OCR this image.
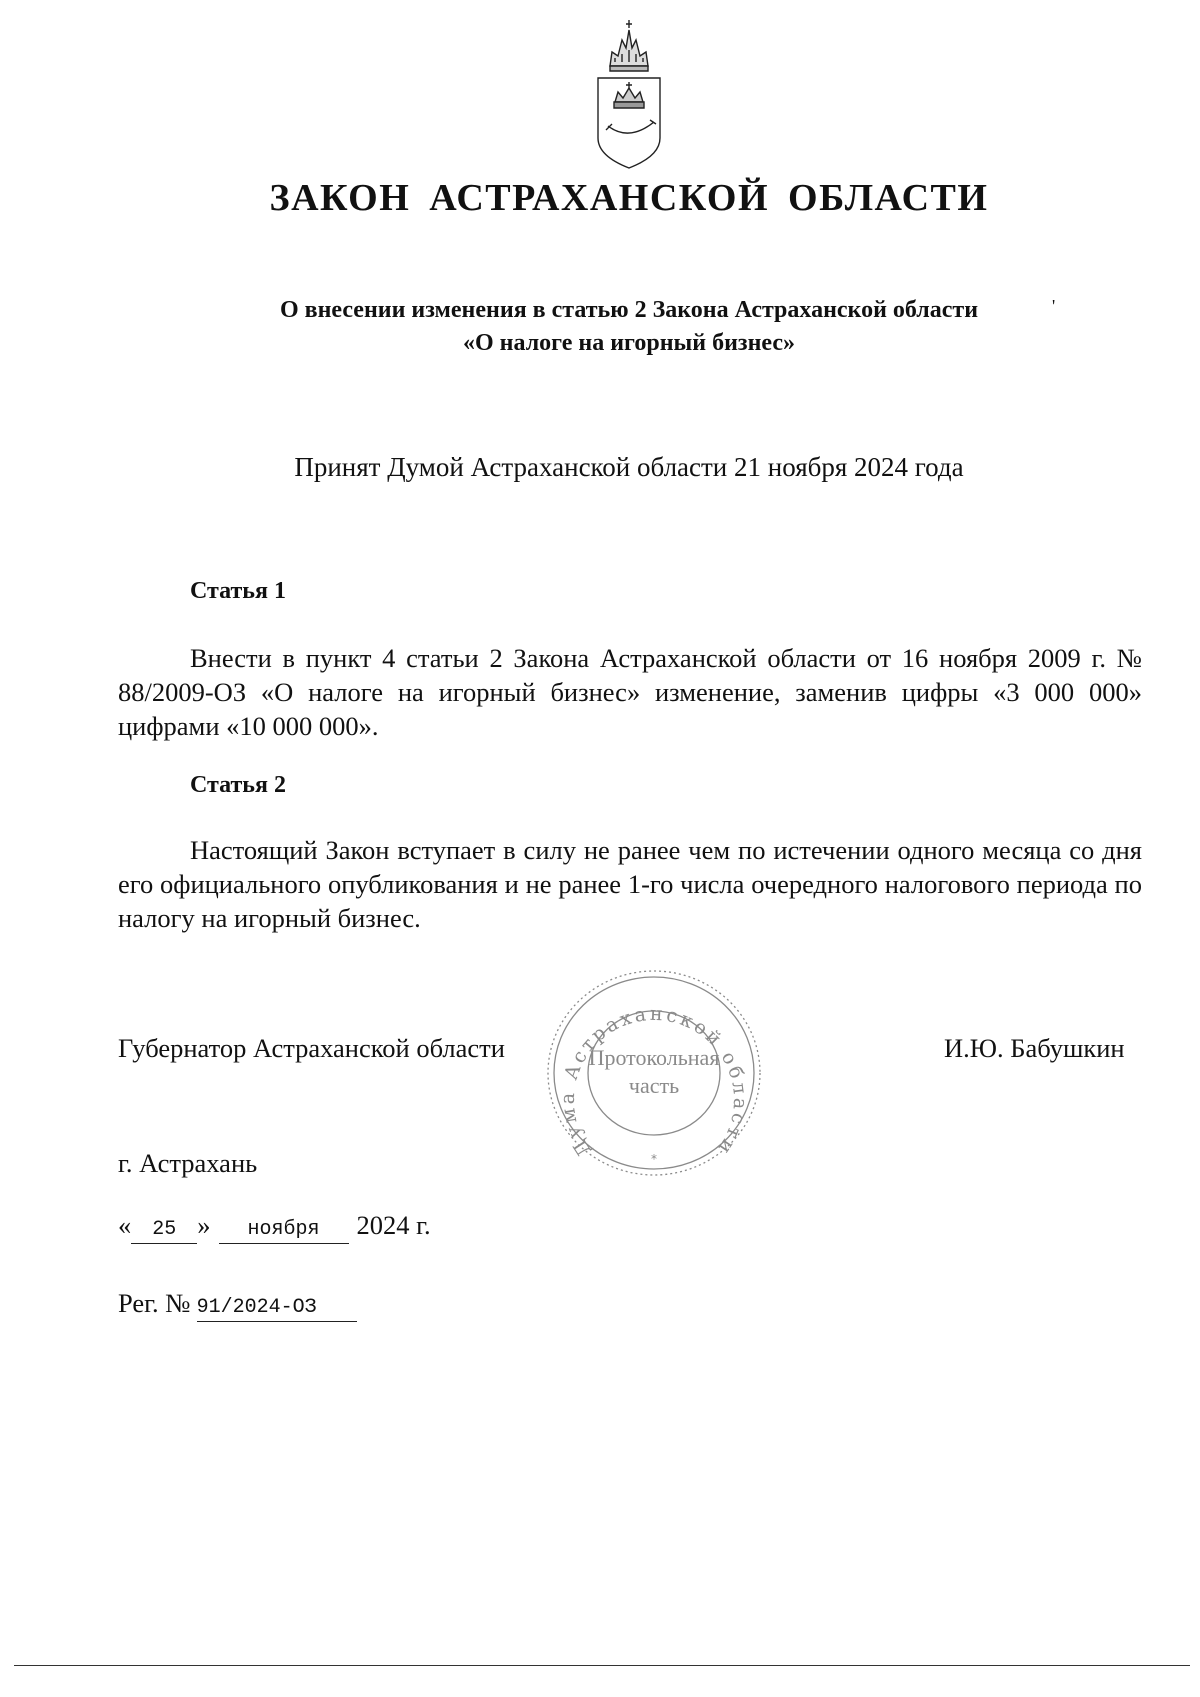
ЗАКОН АСТРАХАНСКОЙ ОБЛАСТИ
О внесении изменения в статью 2 Закона Астраханской области
«О налоге на игорный бизнес»
'
Принят Думой Астраханской области 21 ноября 2024 года
Статья 1
Внести в пункт 4 статьи 2 Закона Астраханской области от 16 ноября 2009 г. № 88/2009-ОЗ «О налоге на игорный бизнес» изменение, заменив цифры «3 000 000» цифрами «10 000 000».
Статья 2
Настоящий Закон вступает в силу не ранее чем по истечении одного месяца со дня его официального опубликования и не ранее 1-го числа очередного налогового периода по налогу на игорный бизнес.
Губернатор Астраханской области	И.Ю. Бабушкин
Дума Астраханской области
Протокольная
часть
*
г. Астрахань
« 25 » ноября 2024 г.
Рег. № 91/2024-ОЗ
